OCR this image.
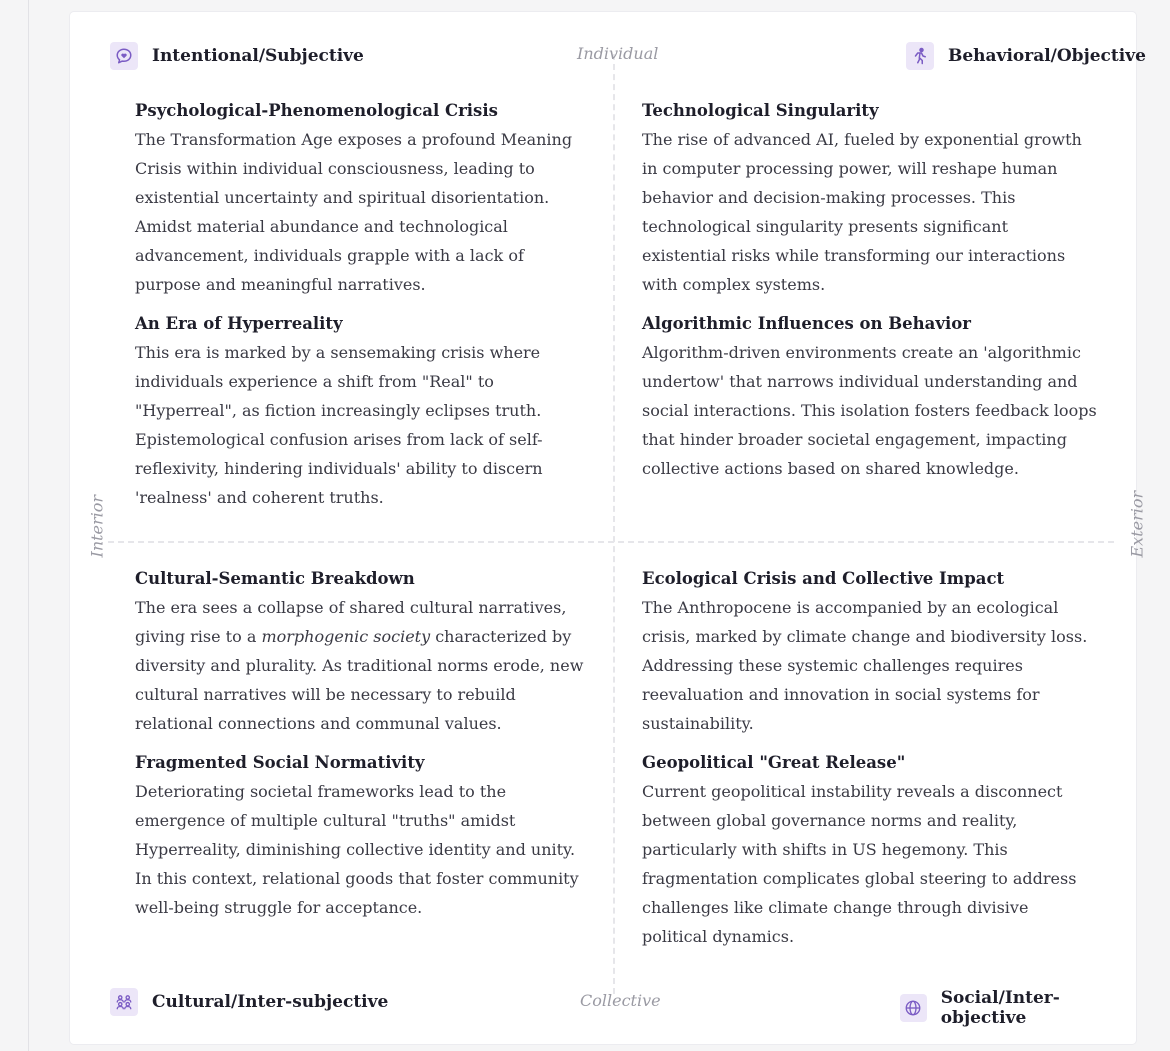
Intentional/Subjective	Behavioral/Objective
Cultural/Inter-subjective	Social/Inter-objective
Individual
Collective
Interior	Exterior
Psychological-Phenomenological Crisis

The Transformation Age exposes a profound Meaning Crisis within individual consciousness, leading to existential uncertainty and spiritual disorientation. Amidst material abundance and technological advancement, individuals grapple with a lack of purpose and meaningful narratives.

An Era of Hyperreality

This era is marked by a sensemaking crisis where individuals experience a shift from "Real" to "Hyperreal", as fiction increasingly eclipses truth. Epistemological confusion arises from lack of self-reflexivity, hindering individuals' ability to discern 'realness' and coherent truths.

Technological Singularity

The rise of advanced AI, fueled by exponential growth in computer processing power, will reshape human behavior and decision-making processes. This technological singularity presents significant existential risks while transforming our interactions with complex systems.

Algorithmic Influences on Behavior

Algorithm-driven environments create an 'algorithmic undertow' that narrows individual understanding and social interactions. This isolation fosters feedback loops that hinder broader societal engagement, impacting collective actions based on shared knowledge.

Cultural-Semantic Breakdown

The era sees a collapse of shared cultural narratives, giving rise to a morphogenic society characterized by diversity and plurality. As traditional norms erode, new cultural narratives will be necessary to rebuild relational connections and communal values.

Fragmented Social Normativity

Deteriorating societal frameworks lead to the emergence of multiple cultural "truths" amidst Hyperreality, diminishing collective identity and unity. In this context, relational goods that foster community well-being struggle for acceptance.

Ecological Crisis and Collective Impact

The Anthropocene is accompanied by an ecological crisis, marked by climate change and biodiversity loss. Addressing these systemic challenges requires reevaluation and innovation in social systems for sustainability.

Geopolitical "Great Release"

Current geopolitical instability reveals a disconnect between global governance norms and reality, particularly with shifts in US hegemony. This fragmentation complicates global steering to address challenges like climate change through divisive political dynamics.
